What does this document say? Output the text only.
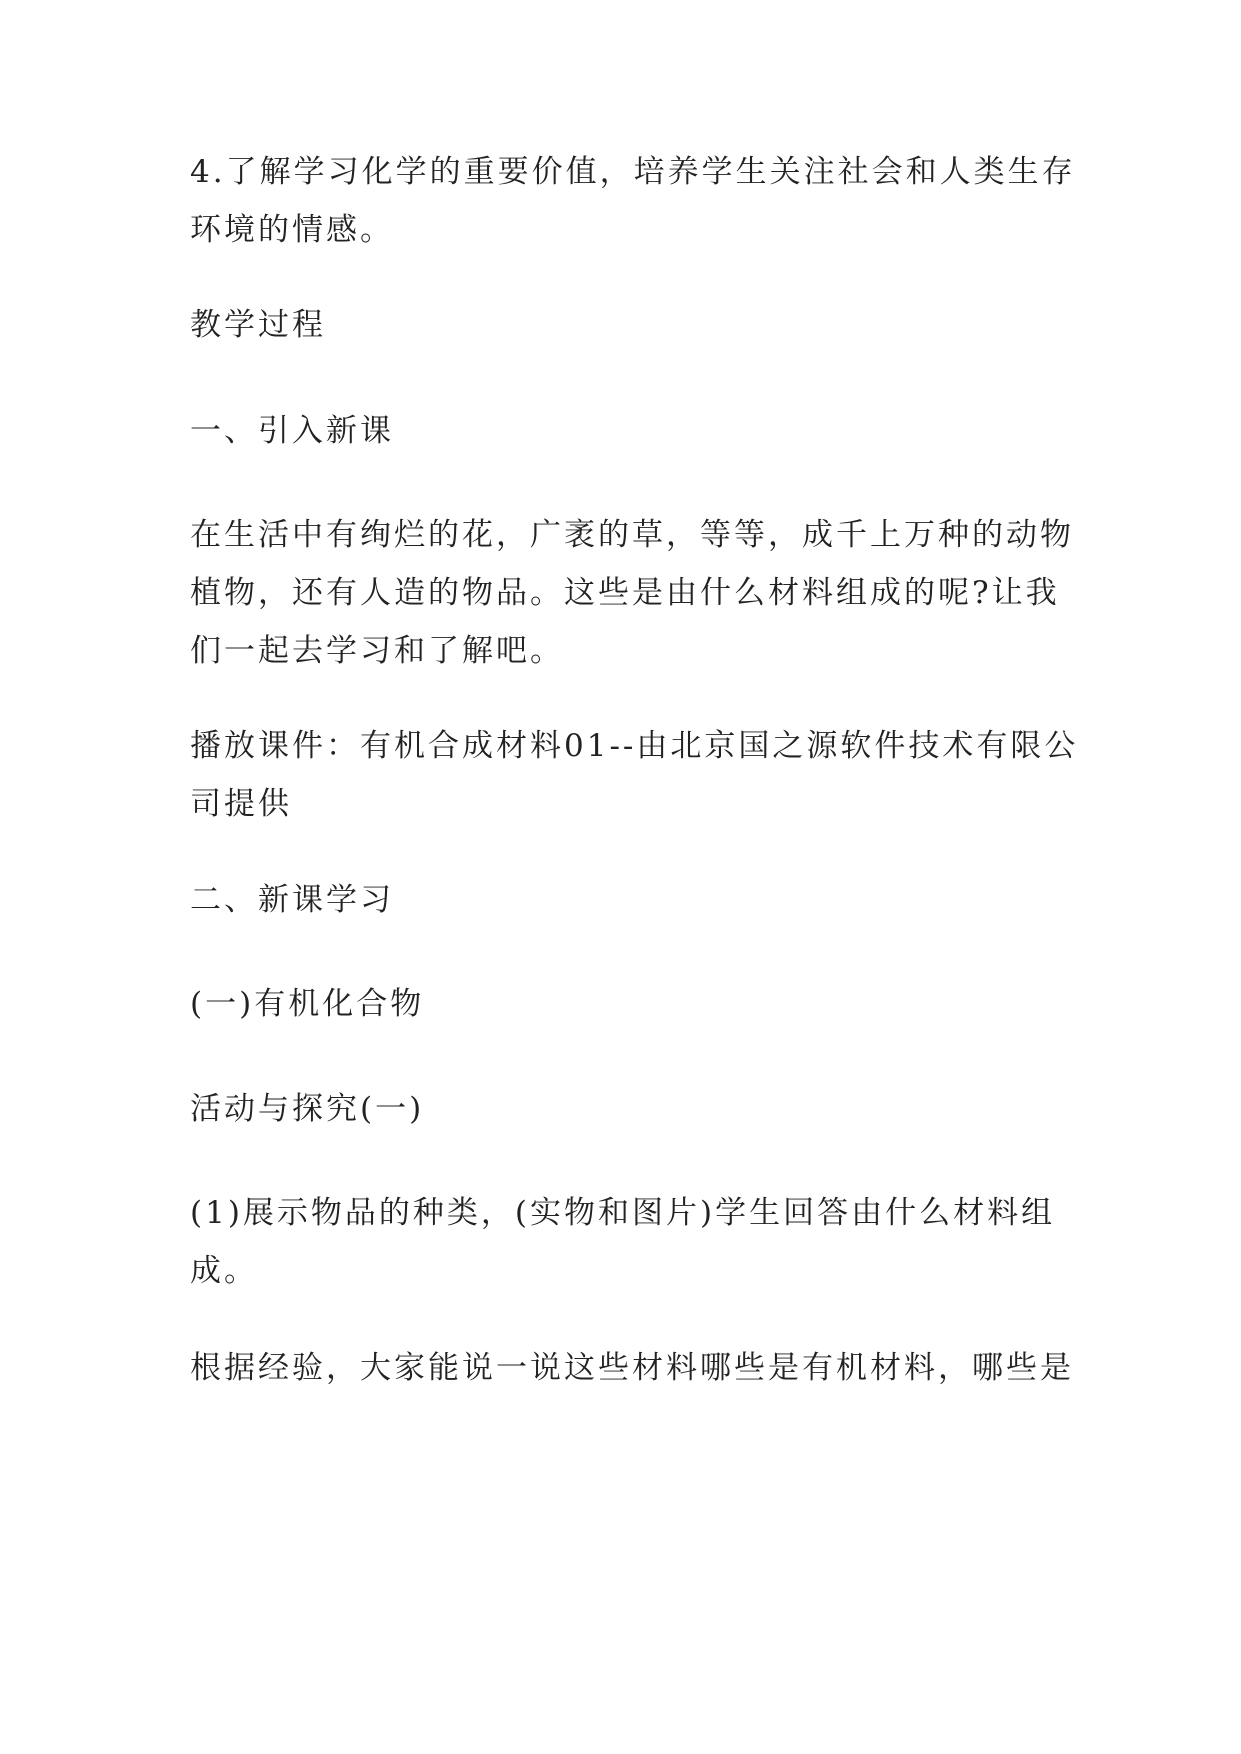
4.了解学习化学的重要价值，培养学生关注社会和人类生存
环境的情感。

教学过程

一、引入新课

在生活中有绚烂的花，广袤的草，等等，成千上万种的动物
植物，还有人造的物品。这些是由什么材料组成的呢?让我
们一起去学习和了解吧。

播放课件：有机合成材料01--由北京国之源软件技术有限公
司提供

二、新课学习

(一)有机化合物

活动与探究(一)

(1)展示物品的种类，(实物和图片)学生回答由什么材料组
成。

根据经验，大家能说一说这些材料哪些是有机材料，哪些是
